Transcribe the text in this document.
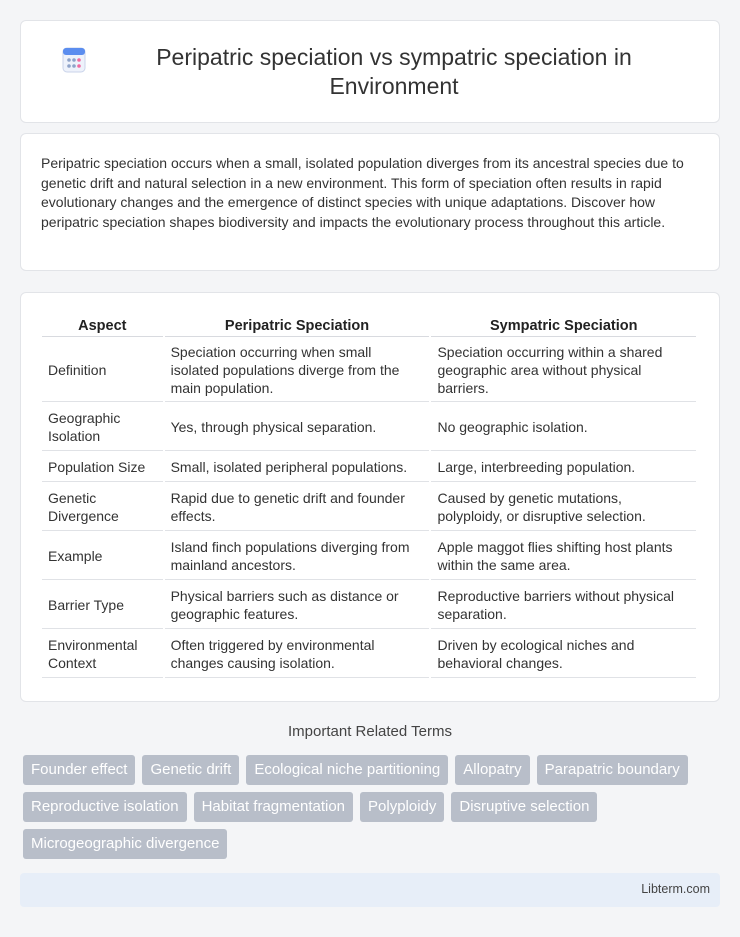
Peripatric speciation vs sympatric speciation in Environment

Peripatric speciation occurs when a small, isolated population diverges from its ancestral species due to genetic drift and natural selection in a new environment. This form of speciation often results in rapid evolutionary changes and the emergence of distinct species with unique adaptations. Discover how peripatric speciation shapes biodiversity and impacts the evolutionary process throughout this article.

Aspect	Peripatric Speciation	Sympatric Speciation
Definition	Speciation occurring when small isolated populations diverge from the main population.	Speciation occurring within a shared geographic area without physical barriers.
Geographic Isolation	Yes, through physical separation.	No geographic isolation.
Population Size	Small, isolated peripheral populations.	Large, interbreeding population.
Genetic Divergence	Rapid due to genetic drift and founder effects.	Caused by genetic mutations, polyploidy, or disruptive selection.
Example	Island finch populations diverging from mainland ancestors.	Apple maggot flies shifting host plants within the same area.
Barrier Type	Physical barriers such as distance or geographic features.	Reproductive barriers without physical separation.
Environmental Context	Often triggered by environmental changes causing isolation.	Driven by ecological niches and behavioral changes.
Important Related Terms
Founder effect	Genetic drift	Ecological niche partitioning	Allopatry	Parapatric boundary
Reproductive isolation	Habitat fragmentation	Polyploidy	Disruptive selection
Microgeographic divergence
Libterm.com
